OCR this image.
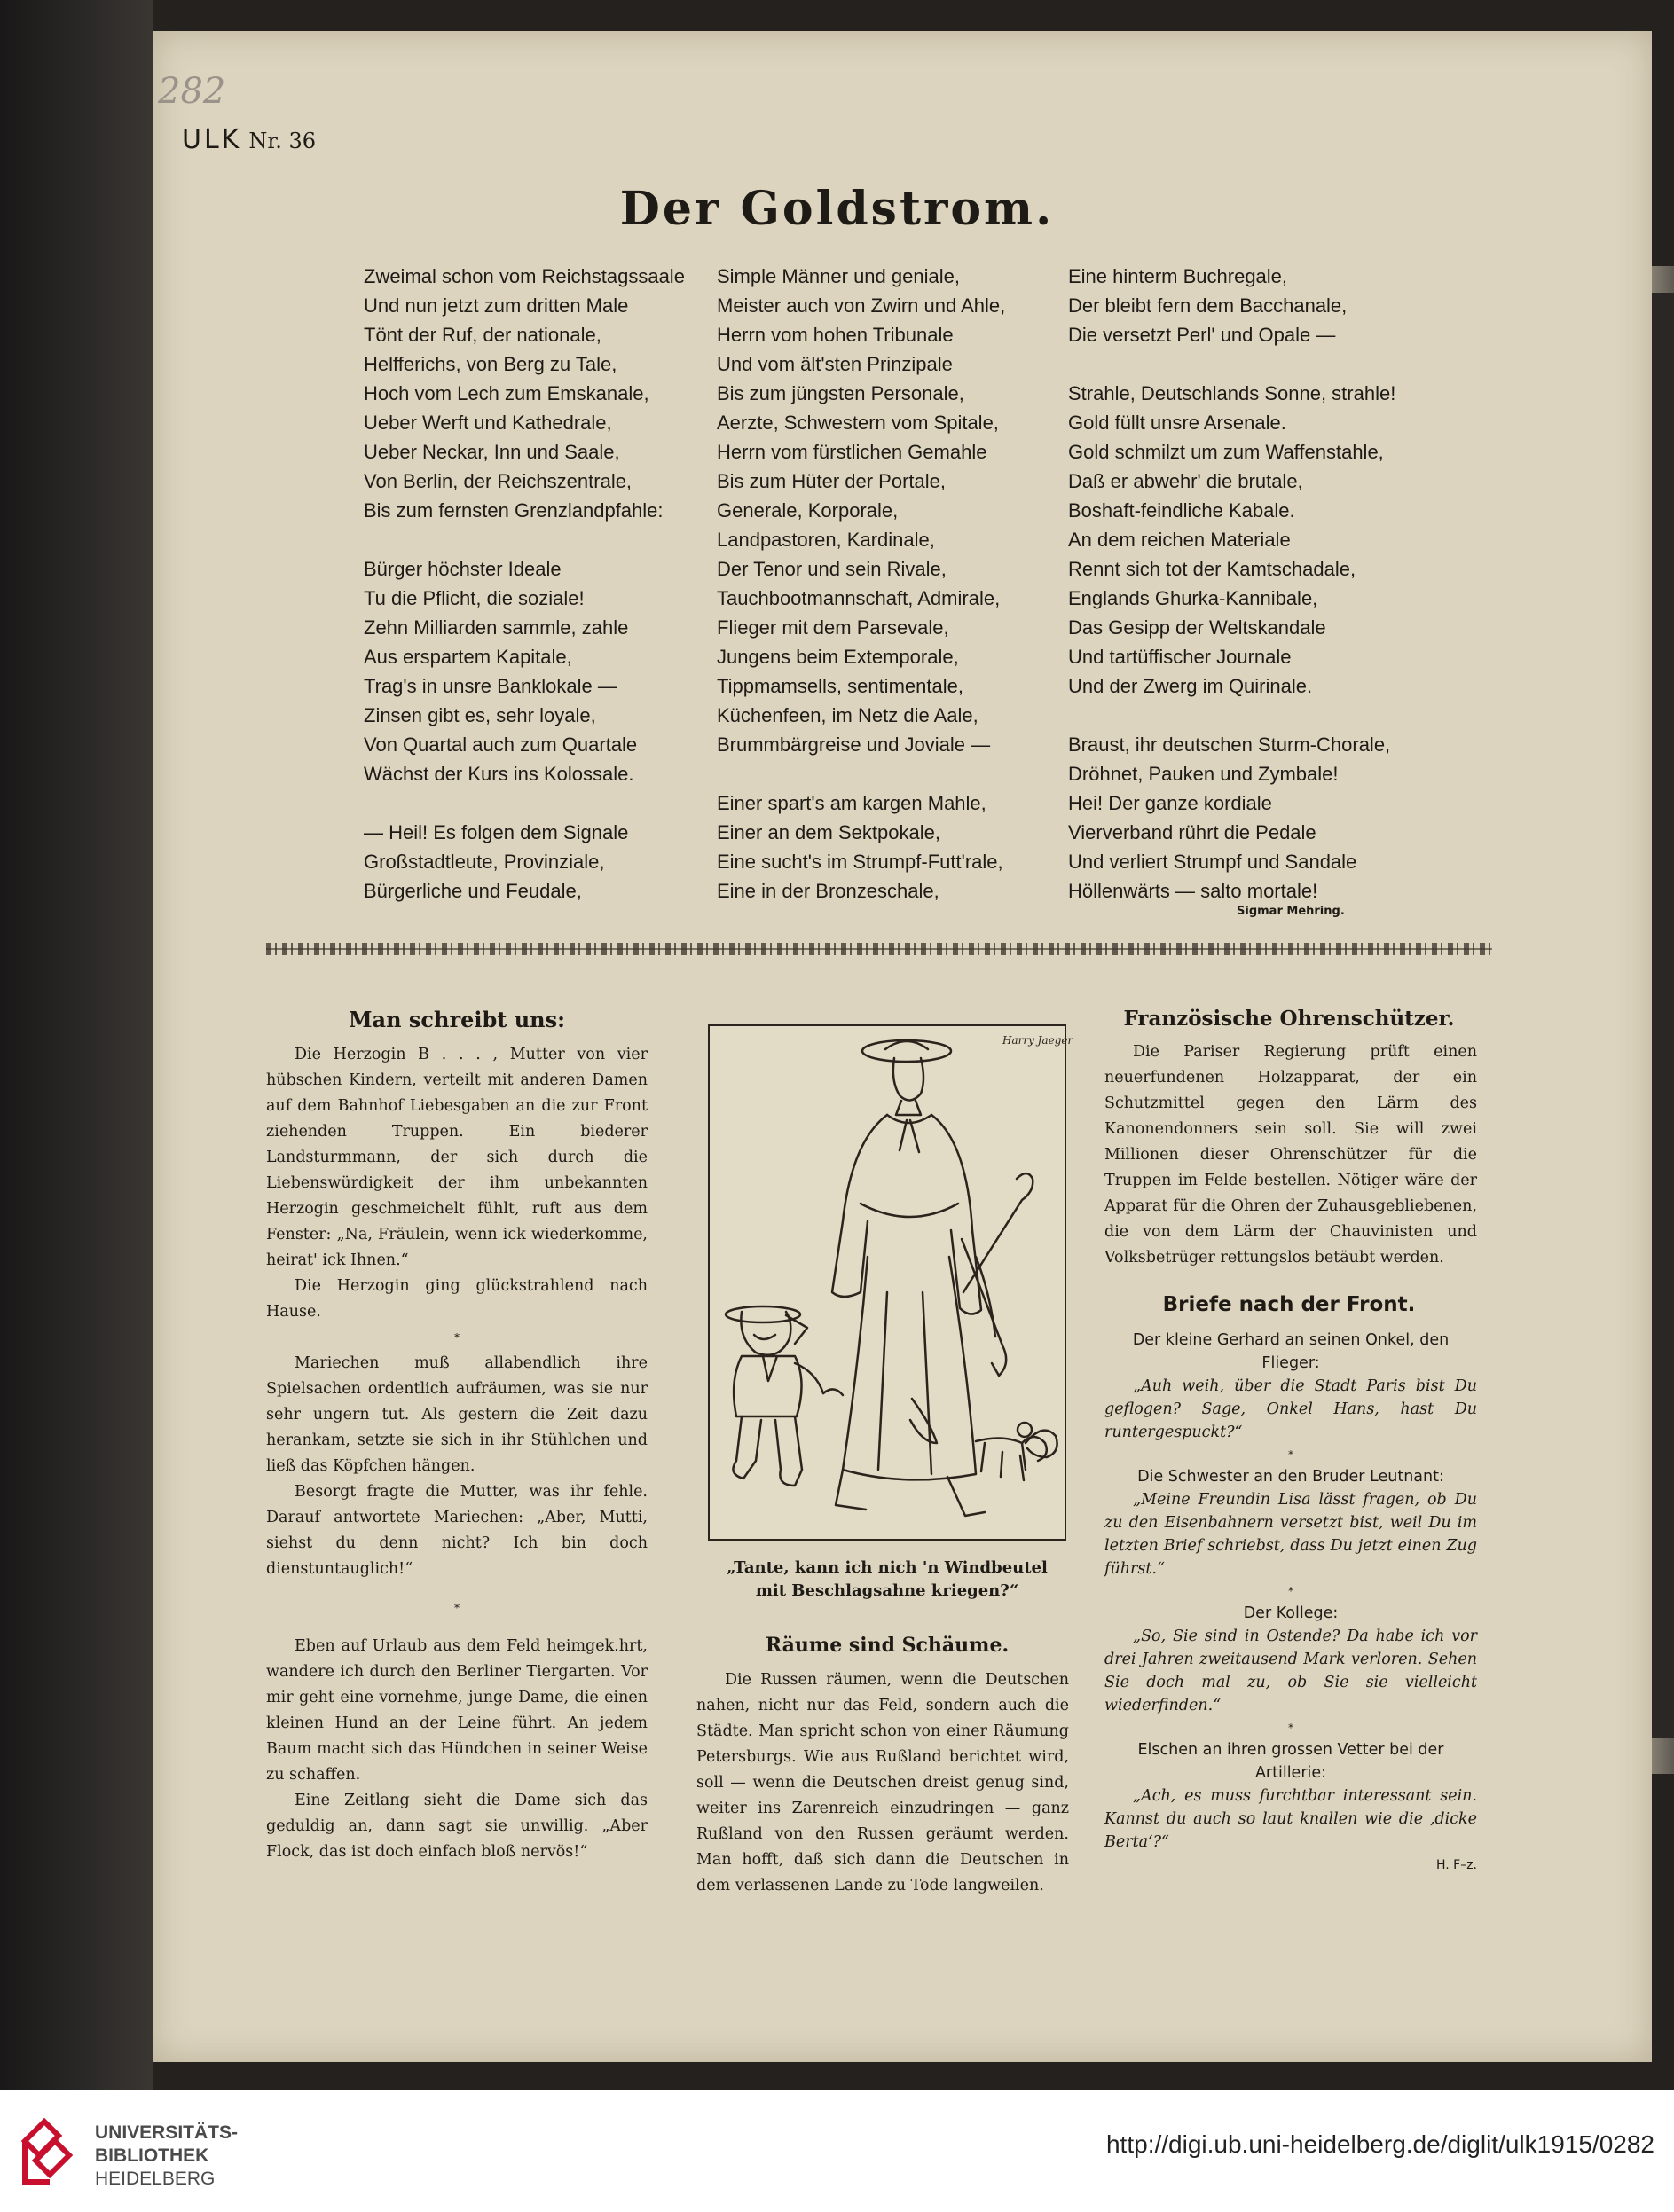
282
ULK Nr. 36
Der Goldstrom.
Zweimal schon vom Reichstagssaale
Und nun jetzt zum dritten Male
Tönt der Ruf, der nationale,
Helfferichs, von Berg zu Tale,
Hoch vom Lech zum Emskanale,
Ueber Werft und Kathedrale,
Ueber Neckar, Inn und Saale,
Von Berlin, der Reichszentrale,
Bis zum fernsten Grenzlandpfahle:
Bürger höchster Ideale
Tu die Pflicht, die soziale!
Zehn Milliarden sammle, zahle
Aus erspartem Kapitale,
Trag's in unsre Banklokale —
Zinsen gibt es, sehr loyale,
Von Quartal auch zum Quartale
Wächst der Kurs ins Kolossale.
— Heil! Es folgen dem Signale
Großstadtleute, Provinziale,
Bürgerliche und Feudale,
Simple Männer und geniale,
Meister auch von Zwirn und Ahle,
Herrn vom hohen Tribunale
Und vom ält'sten Prinzipale
Bis zum jüngsten Personale,
Aerzte, Schwestern vom Spitale,
Herrn vom fürstlichen Gemahle
Bis zum Hüter der Portale,
Generale, Korporale,
Landpastoren, Kardinale,
Der Tenor und sein Rivale,
Tauchbootmannschaft, Admirale,
Flieger mit dem Parsevale,
Jungens beim Extemporale,
Tippmamsells, sentimentale,
Küchenfeen, im Netz die Aale,
Brummbärgreise und Joviale —
Einer spart's am kargen Mahle,
Einer an dem Sektpokale,
Eine sucht's im Strumpf-Futt'rale,
Eine in der Bronzeschale,
Eine hinterm Buchregale,
Der bleibt fern dem Bacchanale,
Die versetzt Perl' und Opale —
Strahle, Deutschlands Sonne, strahle!
Gold füllt unsre Arsenale.
Gold schmilzt um zum Waffenstahle,
Daß er abwehr' die brutale,
Boshaft-feindliche Kabale.
An dem reichen Materiale
Rennt sich tot der Kamtschadale,
Englands Ghurka-Kannibale,
Das Gesipp der Weltskandale
Und tartüffischer Journale
Und der Zwerg im Quirinale.
Braust, ihr deutschen Sturm-Chorale,
Dröhnet, Pauken und Zymbale!
Hei! Der ganze kordiale
Vierverband rührt die Pedale
Und verliert Strumpf und Sandale
Höllenwärts — salto mortale!
Sigmar Mehring.
Man schreibt uns:

Die Herzogin B . . . , Mutter von vier hübschen Kindern, verteilt mit anderen Damen auf dem Bahnhof Liebesgaben an die zur Front ziehenden Truppen. Ein biederer Landsturmmann, der sich durch die Liebenswürdigkeit der ihm unbekannten Herzogin geschmeichelt fühlt, ruft aus dem Fenster: „Na, Fräulein, wenn ick wiederkomme, heirat' ick Ihnen.“

Die Herzogin ging glückstrahlend nach Hause.

*

Mariechen muß allabendlich ihre Spielsachen ordentlich aufräumen, was sie nur sehr ungern tut. Als gestern die Zeit dazu herankam, setzte sie sich in ihr Stühlchen und ließ das Köpfchen hängen.

Besorgt fragte die Mutter, was ihr fehle. Darauf antwortete Mariechen: „Aber, Mutti, siehst du denn nicht? Ich bin doch dienstuntauglich!“

*

Eben auf Urlaub aus dem Feld heimgek.hrt, wandere ich durch den Berliner Tiergarten. Vor mir geht eine vornehme, junge Dame, die einen kleinen Hund an der Leine führt. An jedem Baum macht sich das Hündchen in seiner Weise zu schaffen.

Eine Zeitlang sieht die Dame sich das geduldig an, dann sagt sie unwillig. „Aber Flock, das ist doch einfach bloß nervös!“

Harry Jaeger
„Tante, kann ich nich 'n Windbeutel
mit Beschlagsahne kriegen?“
Räume sind Schäume.

Die Russen räumen, wenn die Deutschen nahen, nicht nur das Feld, sondern auch die Städte. Man spricht schon von einer Räumung Petersburgs. Wie aus Rußland berichtet wird, soll — wenn die Deutschen dreist genug sind, weiter ins Zarenreich einzudringen — ganz Rußland von den Russen geräumt werden. Man hofft, daß sich dann die Deutschen in dem verlassenen Lande zu Tode langweilen.

Französische Ohrenschützer.

Die Pariser Regierung prüft einen neuerfundenen Holzapparat, der ein Schutzmittel gegen den Lärm des Kanonendonners sein soll. Sie will zwei Millionen dieser Ohrenschützer für die Truppen im Felde bestellen. Nötiger wäre der Apparat für die Ohren der Zuhausgebliebenen, die von dem Lärm der Chauvinisten und Volksbetrüger rettungslos betäubt werden.

Briefe nach der Front.
Der kleine Gerhard an seinen Onkel, den Flieger:
„Auh weih, über die Stadt Paris bist Du geflogen? Sage, Onkel Hans, hast Du runtergespuckt?“
*
Die Schwester an den Bruder Leutnant:
„Meine Freundin Lisa lässt fragen, ob Du zu den Eisenbahnern versetzt bist, weil Du im letzten Brief schriebst, dass Du jetzt einen Zug führst.“
*
Der Kollege:
„So, Sie sind in Ostende? Da habe ich vor drei Jahren zweitausend Mark verloren. Sehen Sie doch mal zu, ob Sie sie vielleicht wiederfinden.“
*
Elschen an ihren grossen Vetter bei der Artillerie:
„Ach, es muss furchtbar interessant sein. Kannst du auch so laut knallen wie die ‚dicke Berta‘?“
H. F–z.
UNIVERSITÄTS-
BIBLIOTHEK
HEIDELBERG
http://digi.ub.uni-heidelberg.de/diglit/ulk1915/0282
